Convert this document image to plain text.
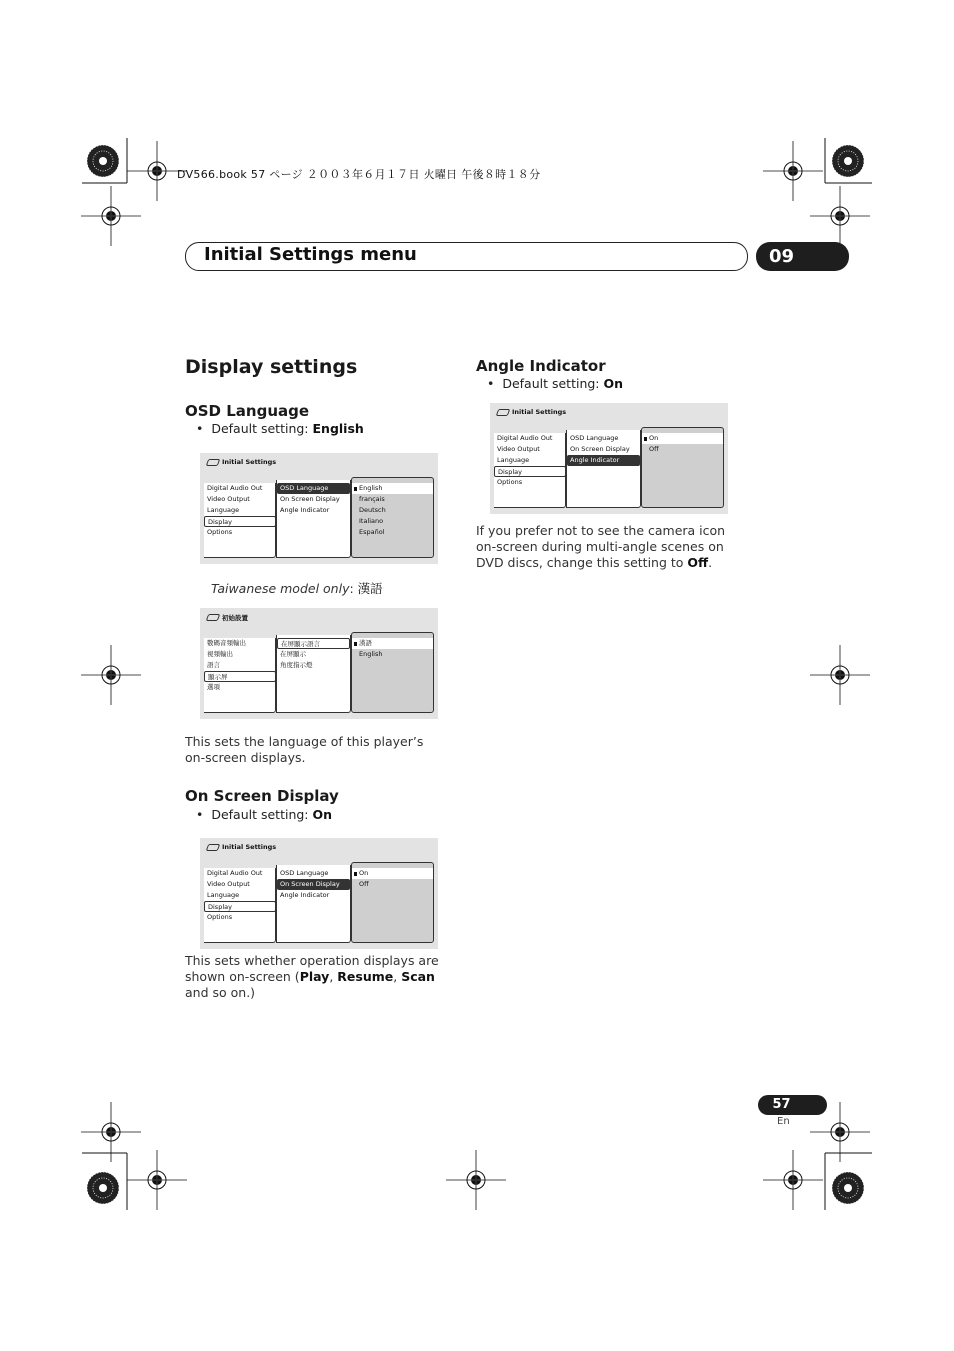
DV566.book 57 ページ ２００３年６月１７日 火曜日 午後８時１８分
Initial Settings menu	09
Display settings
OSD Language
•  Default setting: English
Initial Settings
Digital Audio Out
Video Output
Language
Display
Options
OSD Language
On Screen Display
Angle Indicator
English
français
Deutsch
Italiano
Español
Taiwanese model only: 漢語
初始設置
數碼音頻輸出
視頻輸出
語言
顯示屏
選項
在屏顯示語言
在屏顯示
角度指示燈
漢語
English
This sets the language of this player’s on-screen displays.
On Screen Display
•  Default setting: On
Initial Settings
Digital Audio Out
Video Output
Language
Display
Options
OSD Language
On Screen Display
Angle Indicator
On
Off
This sets whether operation displays are shown on-screen (Play, Resume, Scan and so on.)
Angle Indicator
•  Default setting: On
Initial Settings
Digital Audio Out
Video Output
Language
Display
Options
OSD Language
On Screen Display
Angle Indicator
On
Off
If you prefer not to see the camera icon on-screen during multi-angle scenes on DVD discs, change this setting to Off.
57
En
